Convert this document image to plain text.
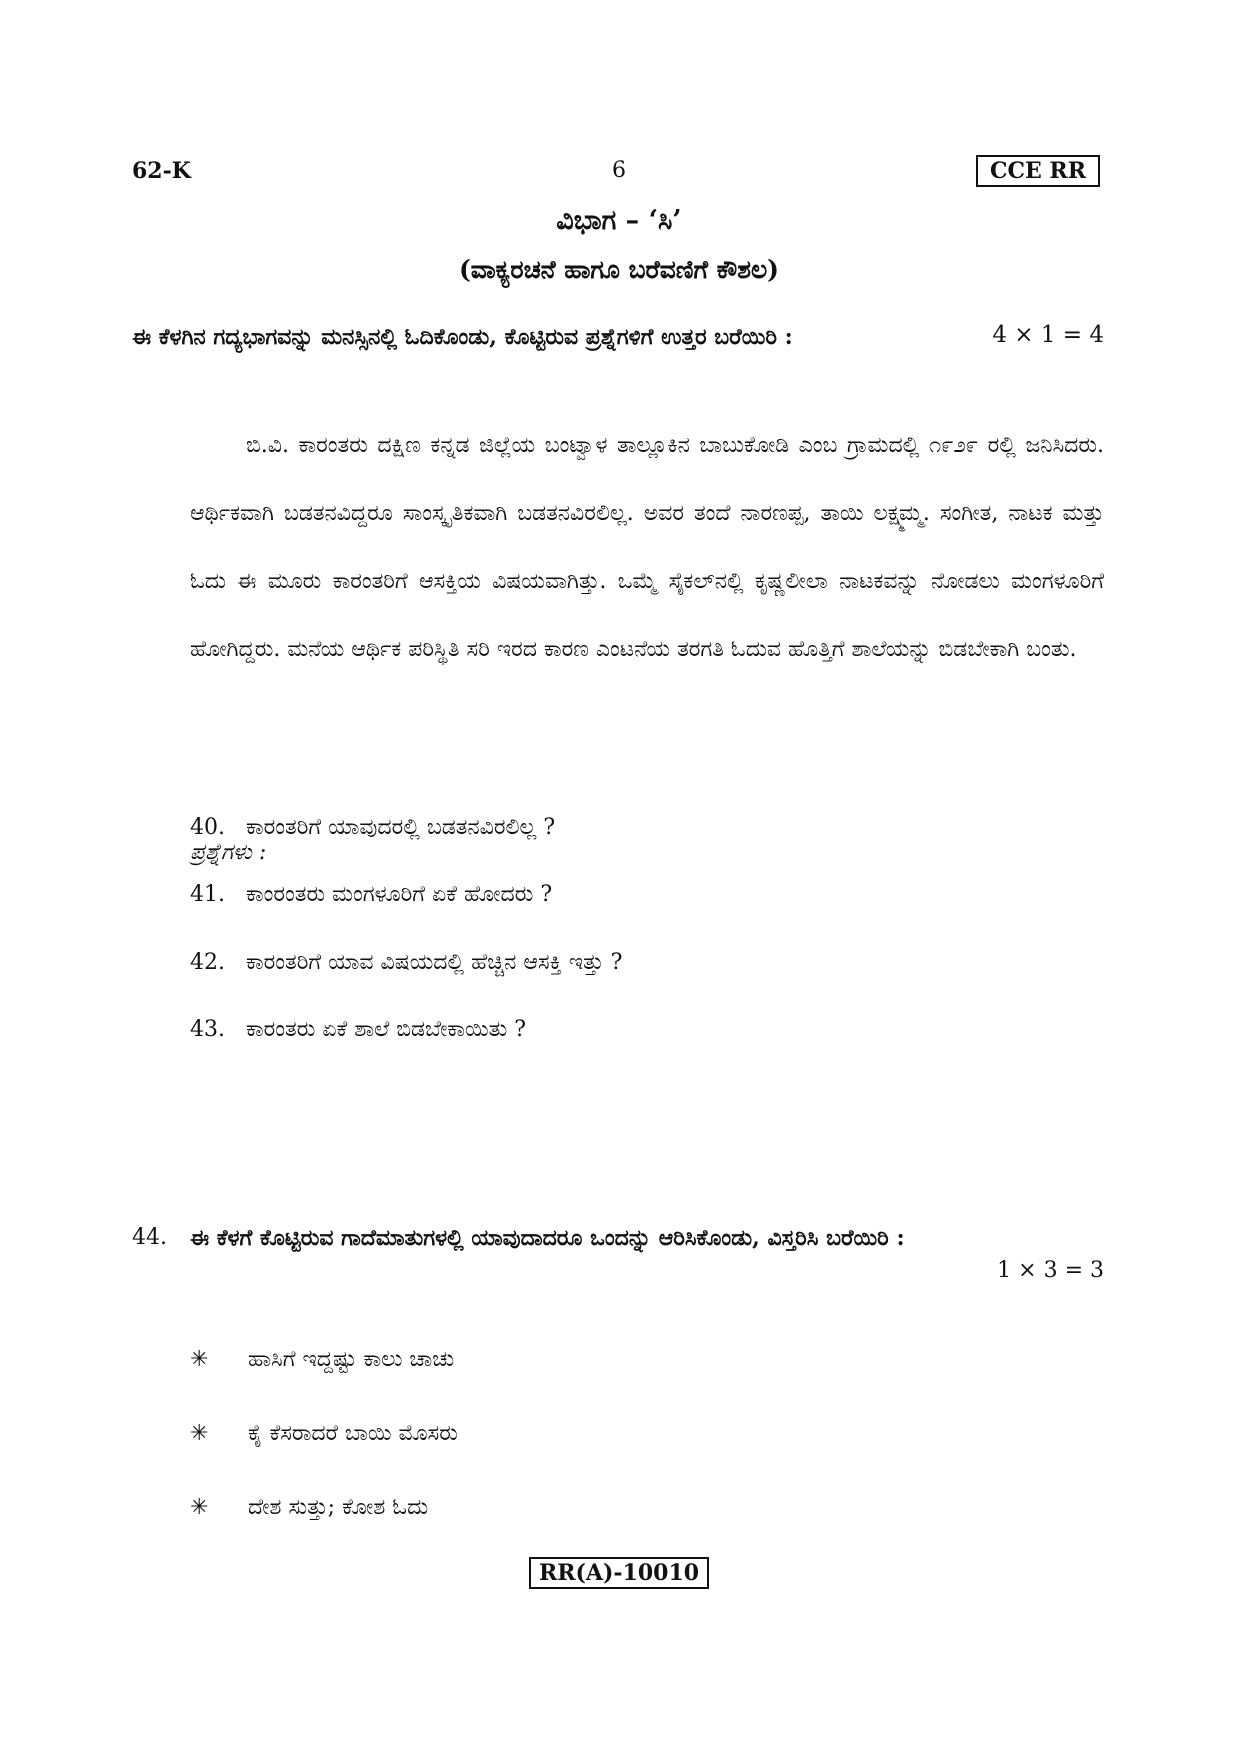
62-K	6	CCE RR
ವಿಭಾಗ – ‘ಸಿ’
(ವಾಕ್ಯರಚನೆ ಹಾಗೂ ಬರೆವಣಿಗೆ ಕೌಶಲ)
ಈ ಕೆಳಗಿನ ಗದ್ಯಭಾಗವನ್ನು ಮನಸ್ಸಿನಲ್ಲಿ ಓದಿಕೊಂಡು, ಕೊಟ್ಟಿರುವ ಪ್ರಶ್ನೆಗಳಿಗೆ ಉತ್ತರ ಬರೆಯಿರಿ :	4 × 1 = 4
ಬಿ.ವಿ. ಕಾರಂತರು ದಕ್ಷಿಣ ಕನ್ನಡ ಜಿಲ್ಲೆಯ ಬಂಟ್ವಾಳ ತಾಲ್ಲೂಕಿನ ಬಾಬುಕೋಡಿ ಎಂಬ ಗ್ರಾಮದಲ್ಲಿ ೧೯೨೯ ರಲ್ಲಿ ಜನಿಸಿದರು. ಆರ್ಥಿಕವಾಗಿ ಬಡತನವಿದ್ದರೂ ಸಾಂಸ್ಕೃತಿಕವಾಗಿ ಬಡತನವಿರಲಿಲ್ಲ. ಅವರ ತಂದೆ ನಾರಣಪ್ಪ, ತಾಯಿ ಲಕ್ಷ್ಮಮ್ಮ. ಸಂಗೀತ, ನಾಟಕ ಮತ್ತು ಓದು ಈ ಮೂರು ಕಾರಂತರಿಗೆ ಆಸಕ್ತಿಯ ವಿಷಯವಾಗಿತ್ತು. ಒಮ್ಮೆ ಸೈಕಲ್‌ನಲ್ಲಿ ಕೃಷ್ಣಲೀಲಾ ನಾಟಕವನ್ನು ನೋಡಲು ಮಂಗಳೂರಿಗೆ ಹೋಗಿದ್ದರು. ಮನೆಯ ಆರ್ಥಿಕ ಪರಿಸ್ಥಿತಿ ಸರಿ ಇರದ ಕಾರಣ ಎಂಟನೆಯ ತರಗತಿ ಓದುವ ಹೊತ್ತಿಗೆ ಶಾಲೆಯನ್ನು ಬಿಡಬೇಕಾಗಿ ಬಂತು.
ಪ್ರಶ್ನೆಗಳು :
40. ಕಾರಂತರಿಗೆ ಯಾವುದರಲ್ಲಿ ಬಡತನವಿರಲಿಲ್ಲ ?
41. ಕಾಂರಂತರು ಮಂಗಳೂರಿಗೆ ಏಕೆ ಹೋದರು ?
42. ಕಾರಂತರಿಗೆ ಯಾವ ವಿಷಯದಲ್ಲಿ ಹೆಚ್ಚಿನ ಆಸಕ್ತಿ ಇತ್ತು ?
43. ಕಾರಂತರು ಏಕೆ ಶಾಲೆ ಬಿಡಬೇಕಾಯಿತು ?
44. ಈ ಕೆಳಗೆ ಕೊಟ್ಟಿರುವ ಗಾದೆಮಾತುಗಳಲ್ಲಿ ಯಾವುದಾದರೂ ಒಂದನ್ನು ಆರಿಸಿಕೊಂಡು, ವಿಸ್ತರಿಸಿ ಬರೆಯಿರಿ :
1 × 3 = 3
✳ ಹಾಸಿಗೆ ಇದ್ದಷ್ಟು ಕಾಲು ಚಾಚು
✳ ಕೈ ಕೆಸರಾದರೆ ಬಾಯಿ ಮೊಸರು
✳ ದೇಶ ಸುತ್ತು; ಕೋಶ ಓದು
RR(A)-10010
